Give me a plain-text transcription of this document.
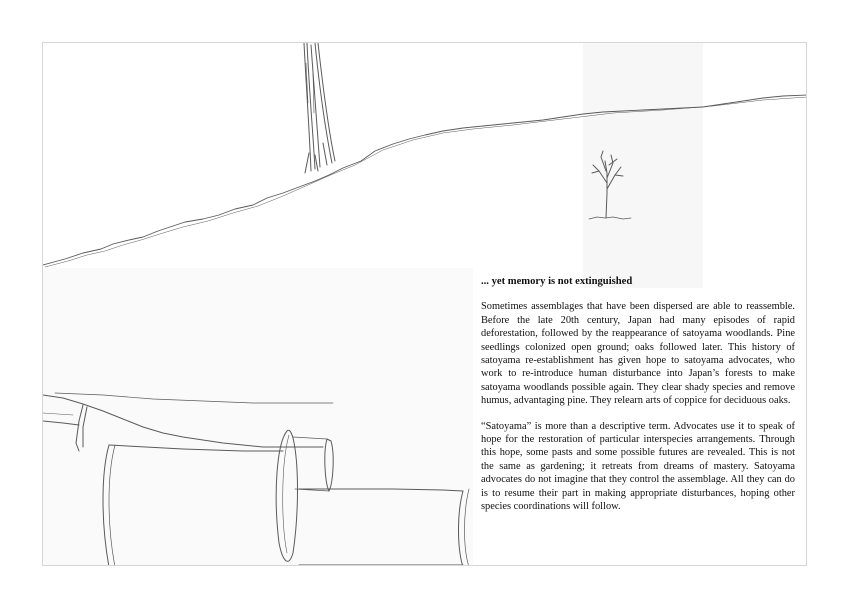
... yet memory is not extinguished

Sometimes assemblages that have been dispersed are able to reassemble. Before the late 20th century, Japan had many episodes of rapid deforestation, followed by the reappearance of satoyama woodlands. Pine seedlings colonized open ground; oaks followed later. This history of satoyama re-establishment has given hope to satoyama advocates, who work to re-introduce human disturbance into Japan’s forests to make satoyama woodlands possible again. They clear shady species and remove humus, advantaging pine. They relearn arts of coppice for deciduous oaks.

“Satoyama” is more than a descriptive term. Advocates use it to speak of hope for the restoration of particular interspecies arrangements. Through this hope, some pasts and some possible futures are revealed. This is not the same as gardening; it retreats from dreams of mastery. Satoyama advocates do not imagine that they control the assemblage. All they can do is to resume their part in making appropriate disturbances, hoping other species coordinations will follow.
